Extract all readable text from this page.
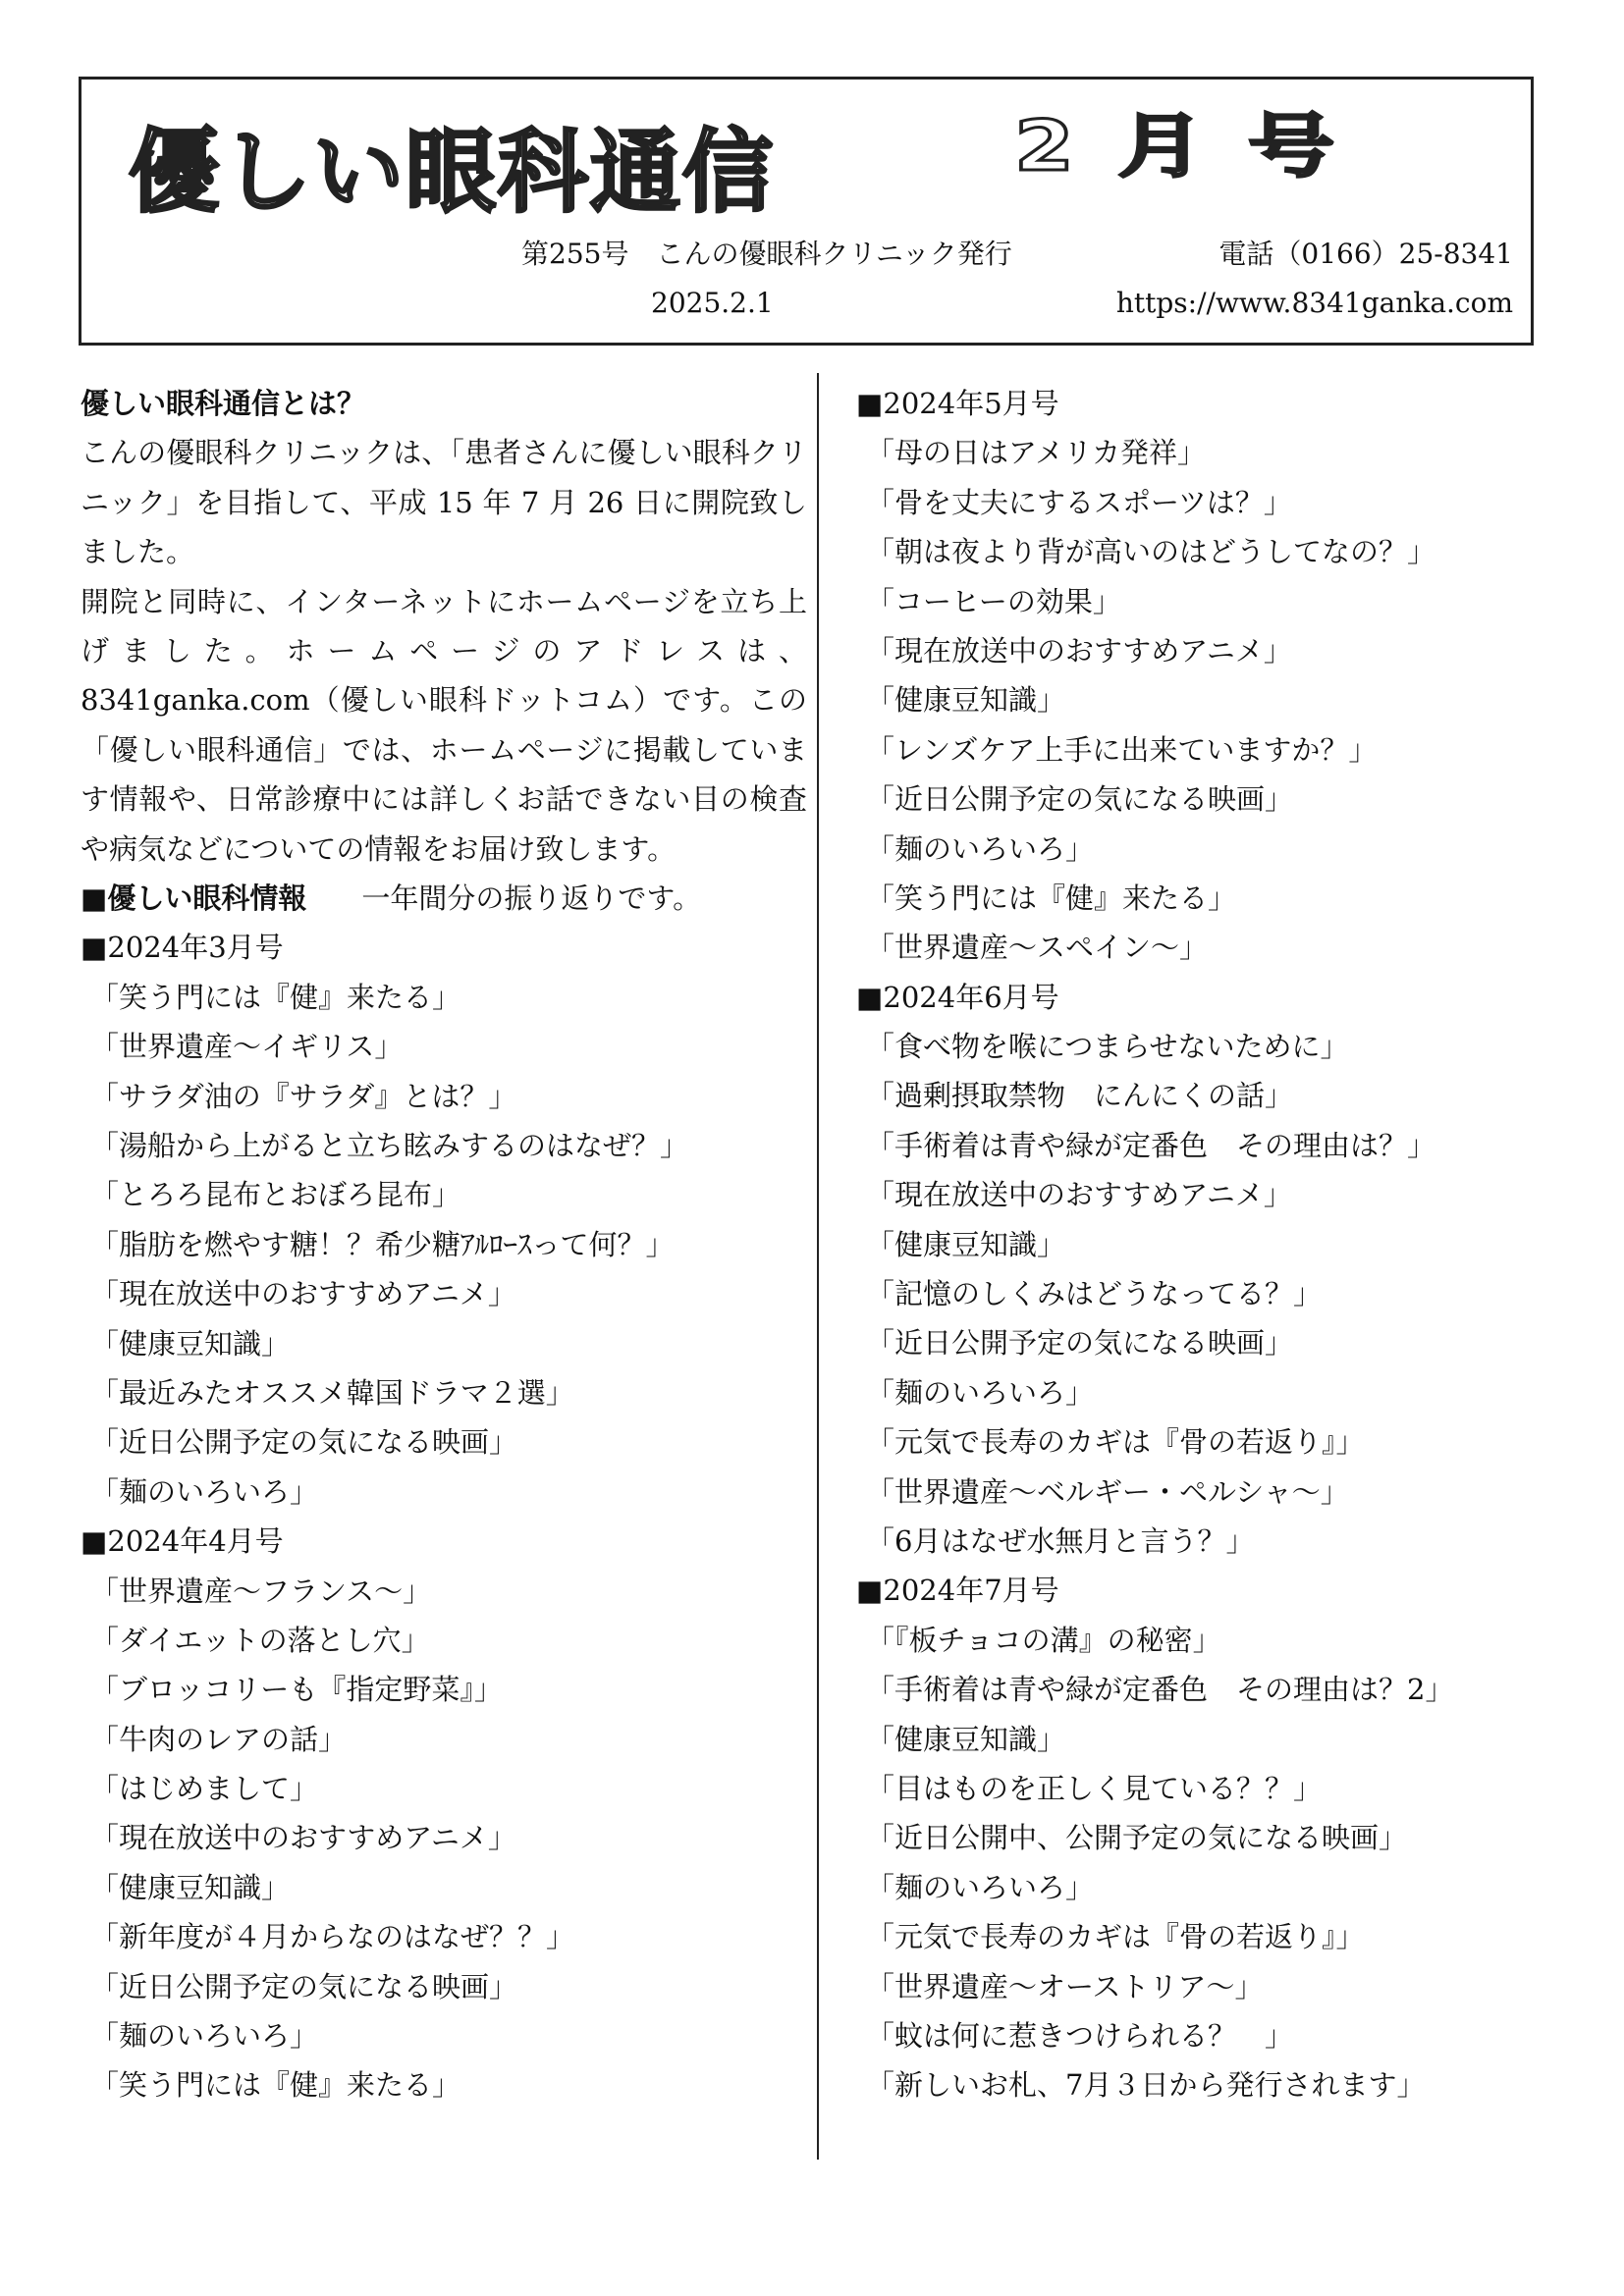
優しい眼科通信	2月号
第255号　こんの優眼科クリニック発行	電話（0166）25-8341
2025.2.1	https://www.8341ganka.com
優しい眼科通信とは？
こんの優眼科クリニックは、「患者さんに優しい眼科クリニック」を目指して、平成 15 年 7 月 26 日に開院致しました。
開院と同時に、インターネットにホームページを立ち上げました。ホームページのアドレスは、8341ganka.com（優しい眼科ドットコム）です。この「優しい眼科通信」では、ホームページに掲載しています情報や、日常診療中には詳しくお話できない目の検査や病気などについての情報をお届け致します。
■優しい眼科情報 一年間分の振り返りです。
■2024年3月号
「笑う門には『健』来たる」
「世界遺産～イギリス」
「サラダ油の『サラダ』とは？」
「湯船から上がると立ち眩みするのはなぜ？」
「とろろ昆布とおぼろ昆布」
「脂肪を燃やす糖！？希少糖ｱﾙﾛｰｽって何？」
「現在放送中のおすすめアニメ」
「健康豆知識」
「最近みたオススメ韓国ドラマ２選」
「近日公開予定の気になる映画」
「麺のいろいろ」
■2024年4月号
「世界遺産～フランス～」
「ダイエットの落とし穴」
「ブロッコリーも『指定野菜』」
「牛肉のレアの話」
「はじめまして」
「現在放送中のおすすめアニメ」
「健康豆知識」
「新年度が４月からなのはなぜ？？」
「近日公開予定の気になる映画」
「麺のいろいろ」
「笑う門には『健』来たる」
■2024年5月号
「母の日はアメリカ発祥」
「骨を丈夫にするスポーツは？」
「朝は夜より背が高いのはどうしてなの？」
「コーヒーの効果」
「現在放送中のおすすめアニメ」
「健康豆知識」
「レンズケア上手に出来ていますか？」
「近日公開予定の気になる映画」
「麺のいろいろ」
「笑う門には『健』来たる」
「世界遺産～スペイン～」
■2024年6月号
「食べ物を喉につまらせないために」
「過剰摂取禁物　にんにくの話」
「手術着は青や緑が定番色　その理由は？」
「現在放送中のおすすめアニメ」
「健康豆知識」
「記憶のしくみはどうなってる？」
「近日公開予定の気になる映画」
「麺のいろいろ」
「元気で長寿のカギは『骨の若返り』」
「世界遺産～ベルギー・ペルシャ～」
「6月はなぜ水無月と言う？」
■2024年7月号
「『板チョコの溝』の秘密」
「手術着は青や緑が定番色　その理由は？2」
「健康豆知識」
「目はものを正しく見ている？？」
「近日公開中、公開予定の気になる映画」
「麺のいろいろ」
「元気で長寿のカギは『骨の若返り』」
「世界遺産～オーストリア～」
「蚊は何に惹きつけられる？　」
「新しいお札、7月３日から発行されます」
